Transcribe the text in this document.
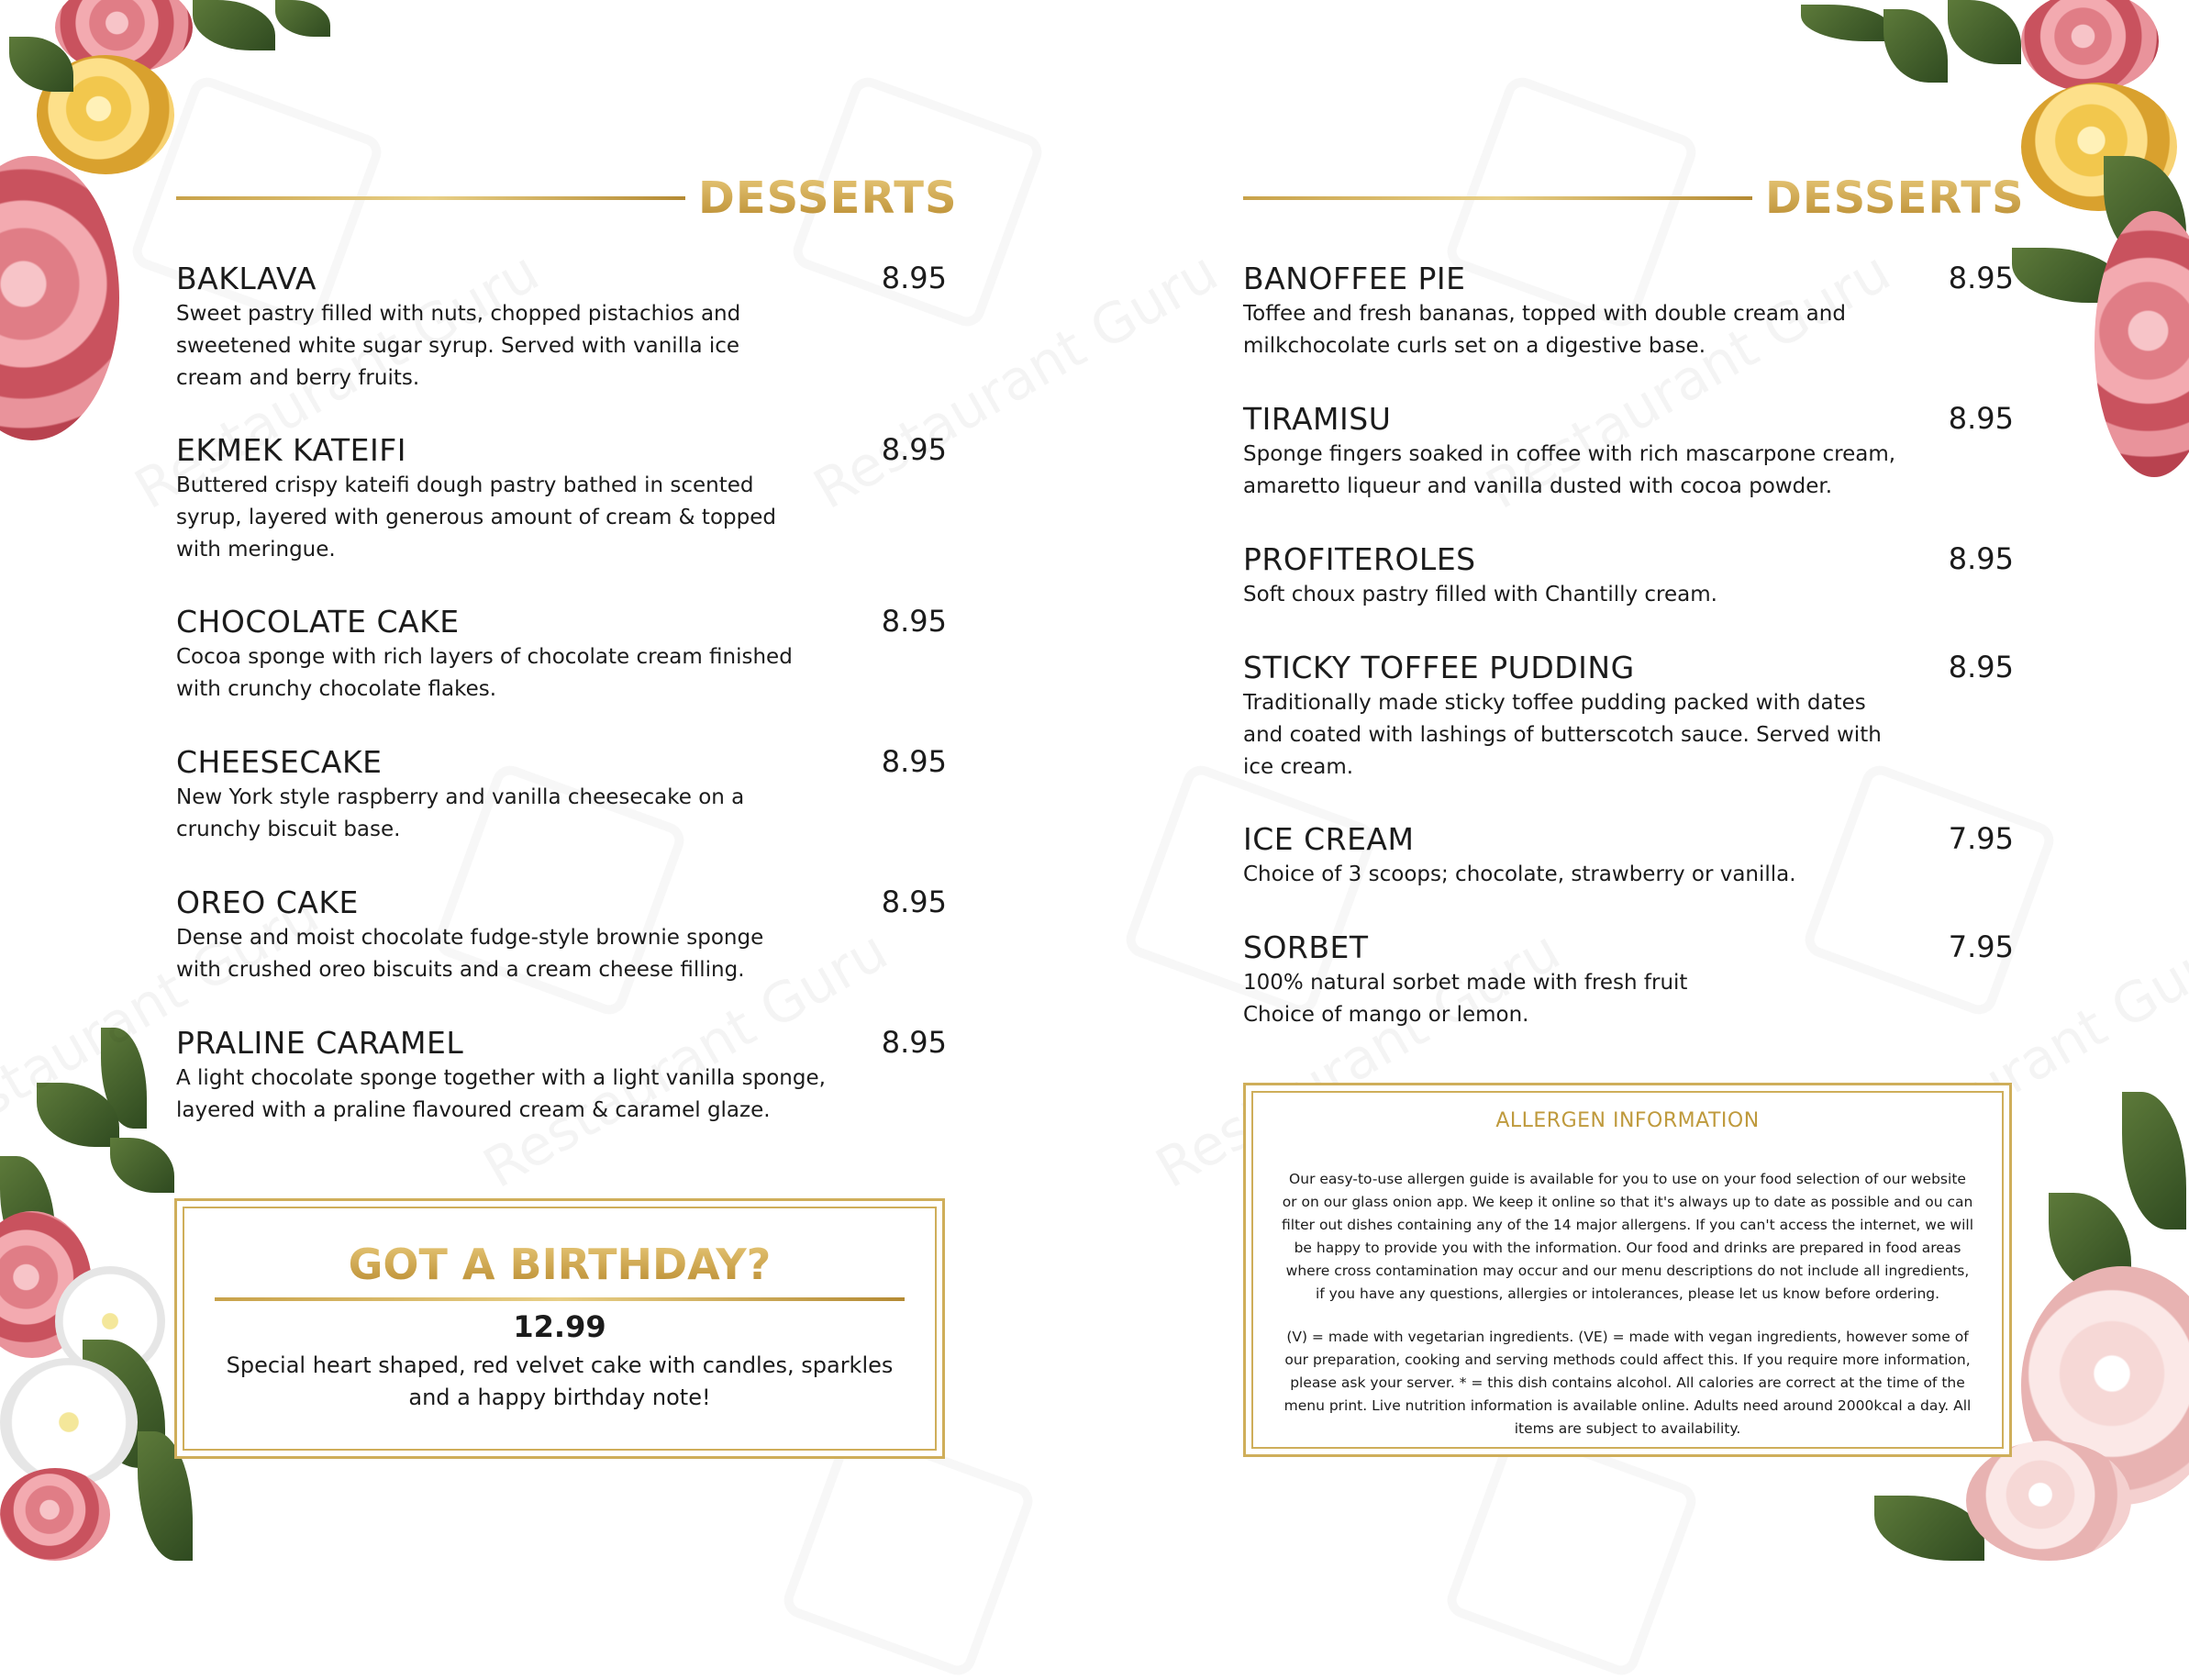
DESSERTS
BAKLAVA	8.95
Sweet pastry filled with nuts, chopped pistachios and
sweetened white sugar syrup. Served with vanilla ice
cream and berry fruits.
EKMEK KATEIFI	8.95
Buttered crispy kateifi dough pastry bathed in scented
syrup, layered with generous amount of cream & topped
with meringue.
CHOCOLATE CAKE	8.95
Cocoa sponge with rich layers of chocolate cream finished
with crunchy chocolate flakes.
CHEESECAKE	8.95
New York style raspberry and vanilla cheesecake on a
crunchy biscuit base.
OREO CAKE	8.95
Dense and moist chocolate fudge-style brownie sponge
with crushed oreo biscuits and a cream cheese filling.
PRALINE CARAMEL	8.95
A light chocolate sponge together with a light vanilla sponge,
layered with a praline flavoured cream & caramel glaze.
GOT A BIRTHDAY?
12.99
Special heart shaped, red velvet cake with candles, sparkles
and a happy birthday note!
DESSERTS
BANOFFEE PIE	8.95
Toffee and fresh bananas, topped with double cream and
milkchocolate curls set on a digestive base.
TIRAMISU	8.95
Sponge fingers soaked in coffee with rich mascarpone cream,
amaretto liqueur and vanilla dusted with cocoa powder.
PROFITEROLES	8.95
Soft choux pastry filled with Chantilly cream.
STICKY TOFFEE PUDDING	8.95
Traditionally made sticky toffee pudding packed with dates
and coated with lashings of butterscotch sauce. Served with
ice cream.
ICE CREAM	7.95
Choice of 3 scoops; chocolate, strawberry or vanilla.
SORBET	7.95
100% natural sorbet made with fresh fruit
Choice of mango or lemon.
ALLERGEN INFORMATION
Our easy-to-use allergen guide is available for you to use on your food selection of our website
or on our glass onion app. We keep it online so that it's always up to date as possible and ou can
filter out dishes containing any of the 14 major allergens. If you can't access the internet, we will
be happy to provide you with the information. Our food and drinks are prepared in food areas
where cross contamination may occur and our menu descriptions do not include all ingredients,
if you have any questions, allergies or intolerances, please let us know before ordering.
(V) = made with vegetarian ingredients. (VE) = made with vegan ingredients, however some of
our preparation, cooking and serving methods could affect this. If you require more information,
please ask your server. * = this dish contains alcohol. All calories are correct at the time of the
menu print. Live nutrition information is available online. Adults need around 2000kcal a day. All
items are subject to availability.
